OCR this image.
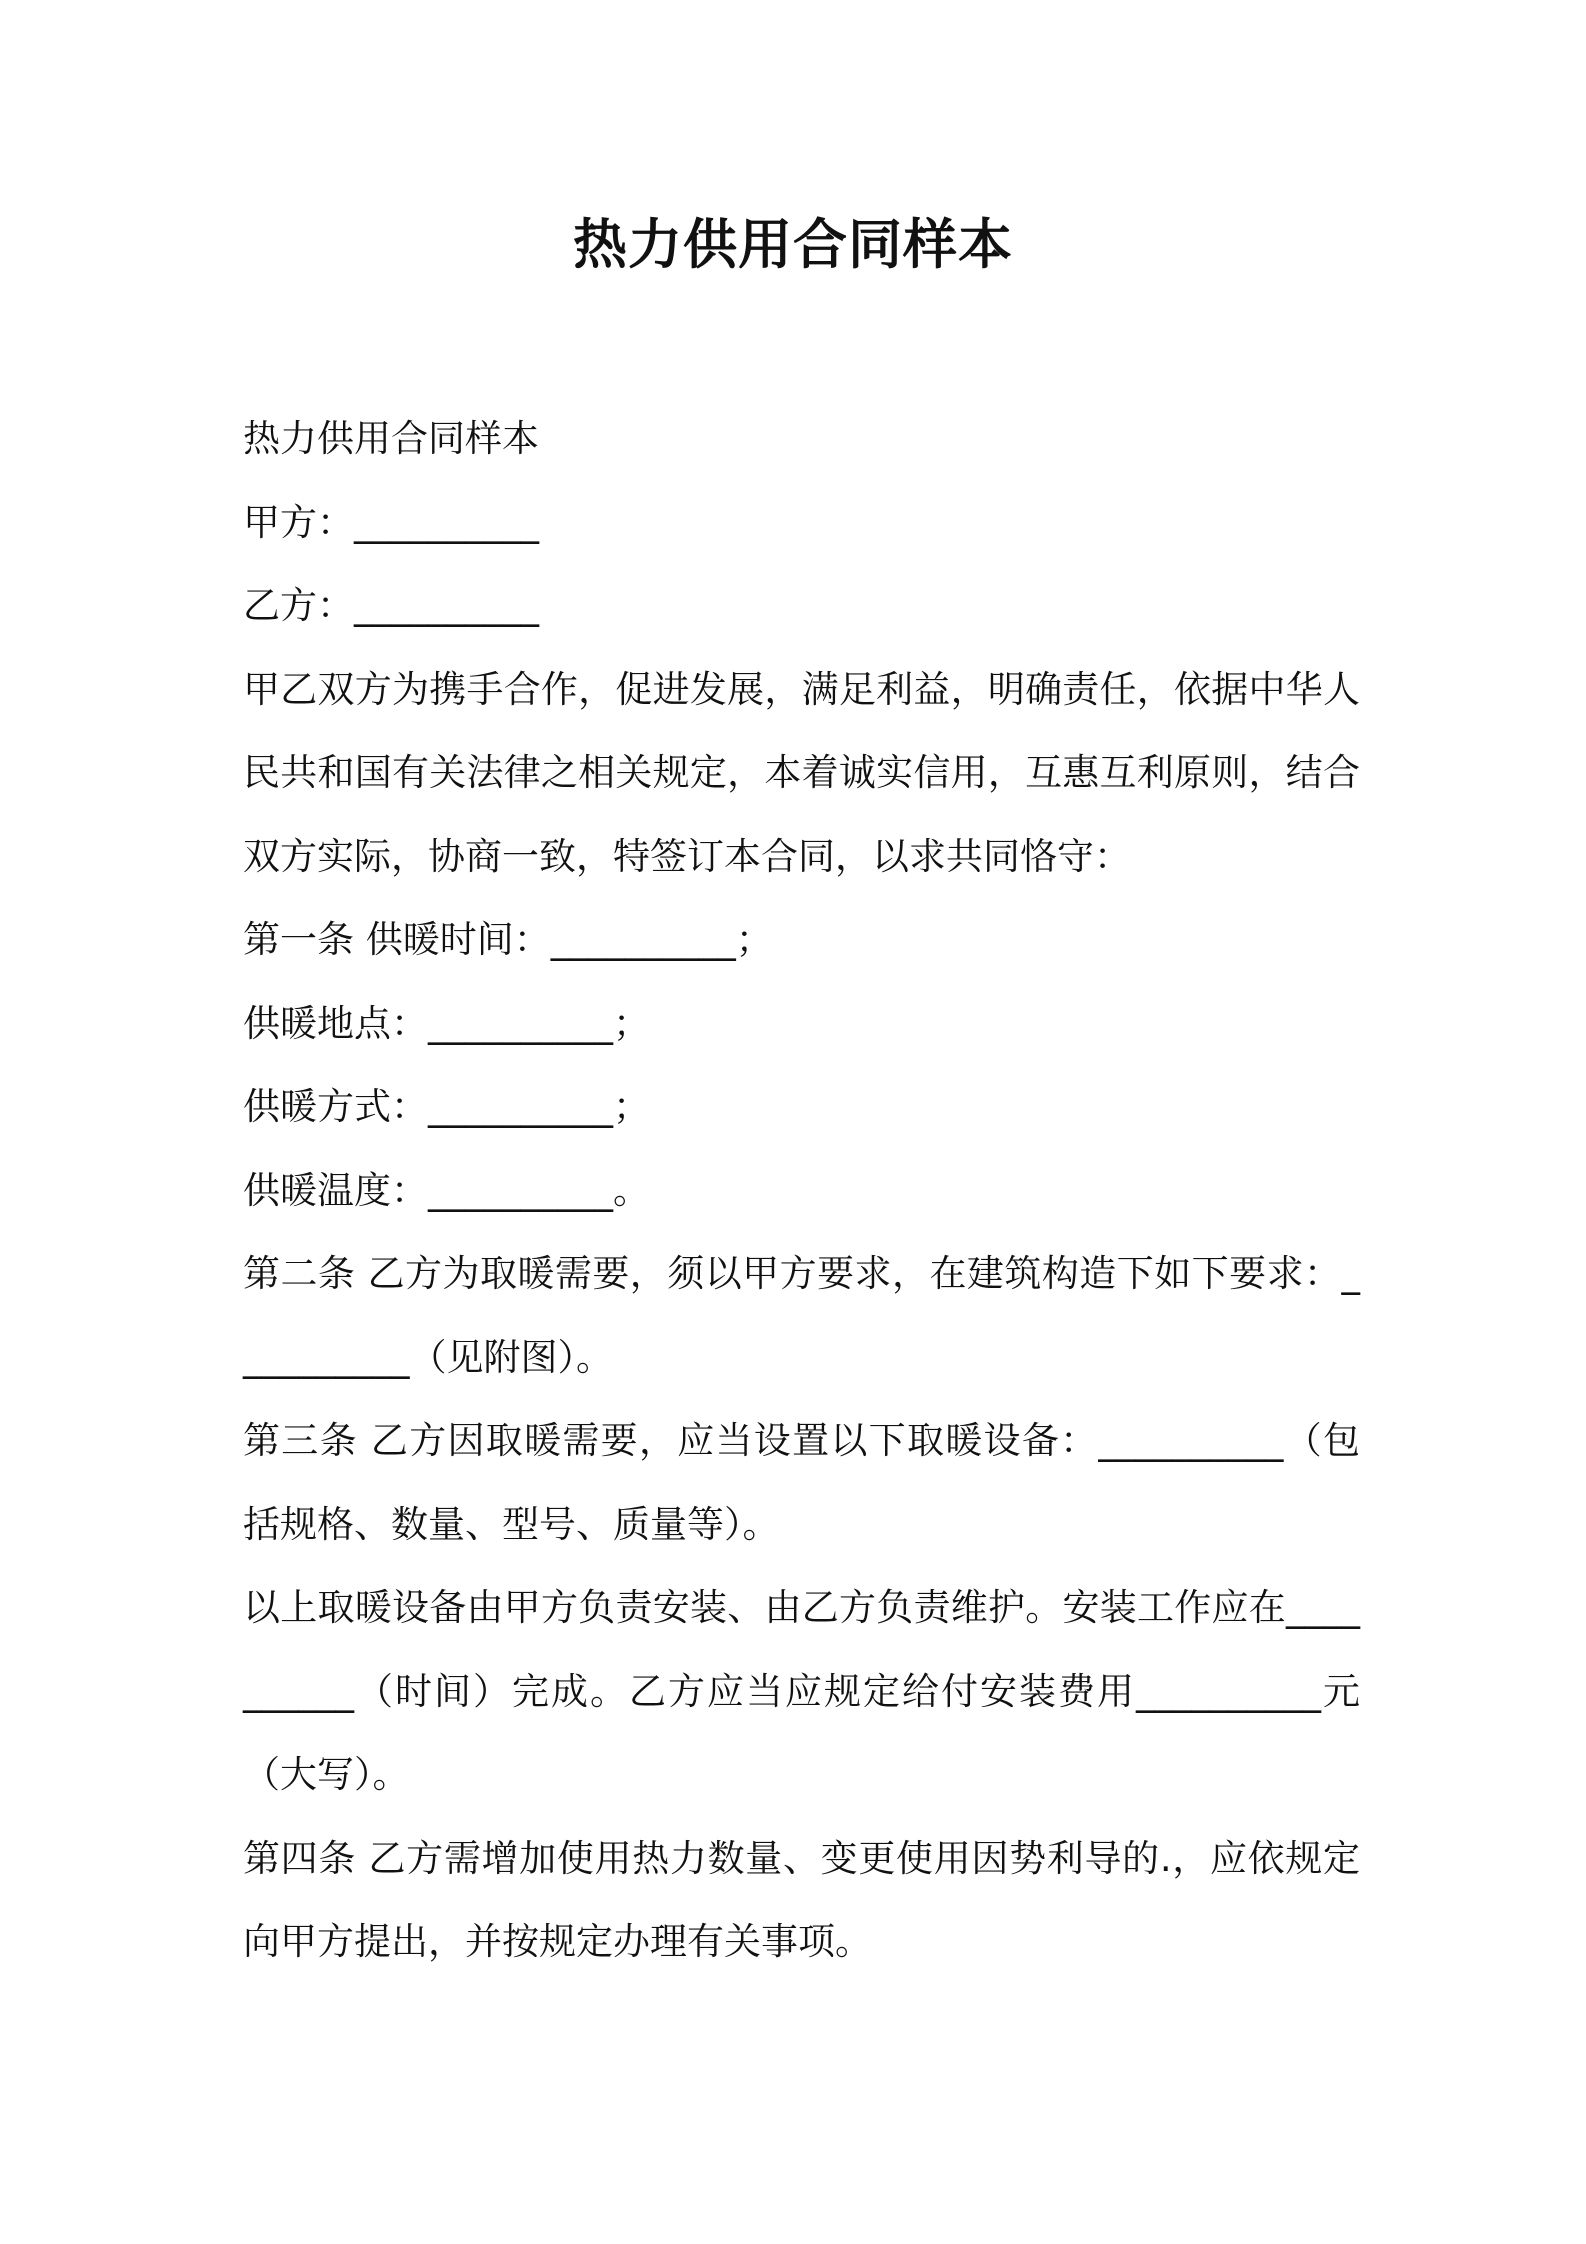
热力供用合同样本

热力供用合同样本

甲方：__________

乙方：__________

甲乙双方为携手合作，促进发展，满足利益，明确责任，依据中华人民共和国有关法律之相关规定，本着诚实信用，互惠互利原则，结合双方实际，协商一致，特签订本合同，以求共同恪守：

第一条 供暖时间：__________；

供暖地点：__________；

供暖方式：__________；

供暖温度：__________。

第二条 乙方为取暖需要，须以甲方要求，在建筑构造下如下要求：__________（见附图）。

第三条 乙方因取暖需要，应当设置以下取暖设备：__________（包括规格、数量、型号、质量等）。

以上取暖设备由甲方负责安装、由乙方负责维护。安装工作应在__________（时间）完成。乙方应当应规定给付安装费用__________元（大写）。

第四条 乙方需增加使用热力数量、变更使用因势利导的.，应依规定向甲方提出，并按规定办理有关事项。
